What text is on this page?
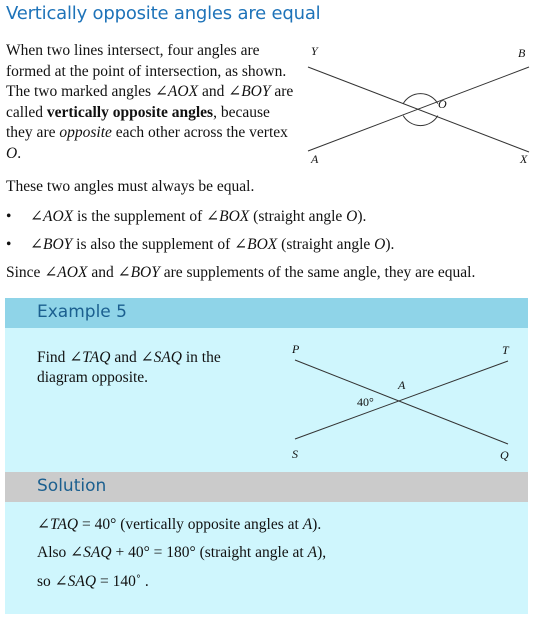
Vertically opposite angles are equal
When two lines intersect, four angles are formed at the point of intersection, as shown. The two marked angles ∠AOX and ∠BOY are called vertically opposite angles, because they are opposite each other across the vertex O.
Y	B
O
A	X
These two angles must always be equal.
• ∠AOX is the supplement of ∠BOX (straight angle O).
• ∠BOY is also the supplement of ∠BOX (straight angle O).
Since ∠AOX and ∠BOY are supplements of the same angle, they are equal.
Example 5
Find ∠TAQ and ∠SAQ in the diagram opposite.
P	T
A
40°
S	Q
Solution
∠TAQ = 40° (vertically opposite angles at A).
Also ∠SAQ + 40° = 180° (straight angle at A),
so ∠SAQ = 140˚ .
